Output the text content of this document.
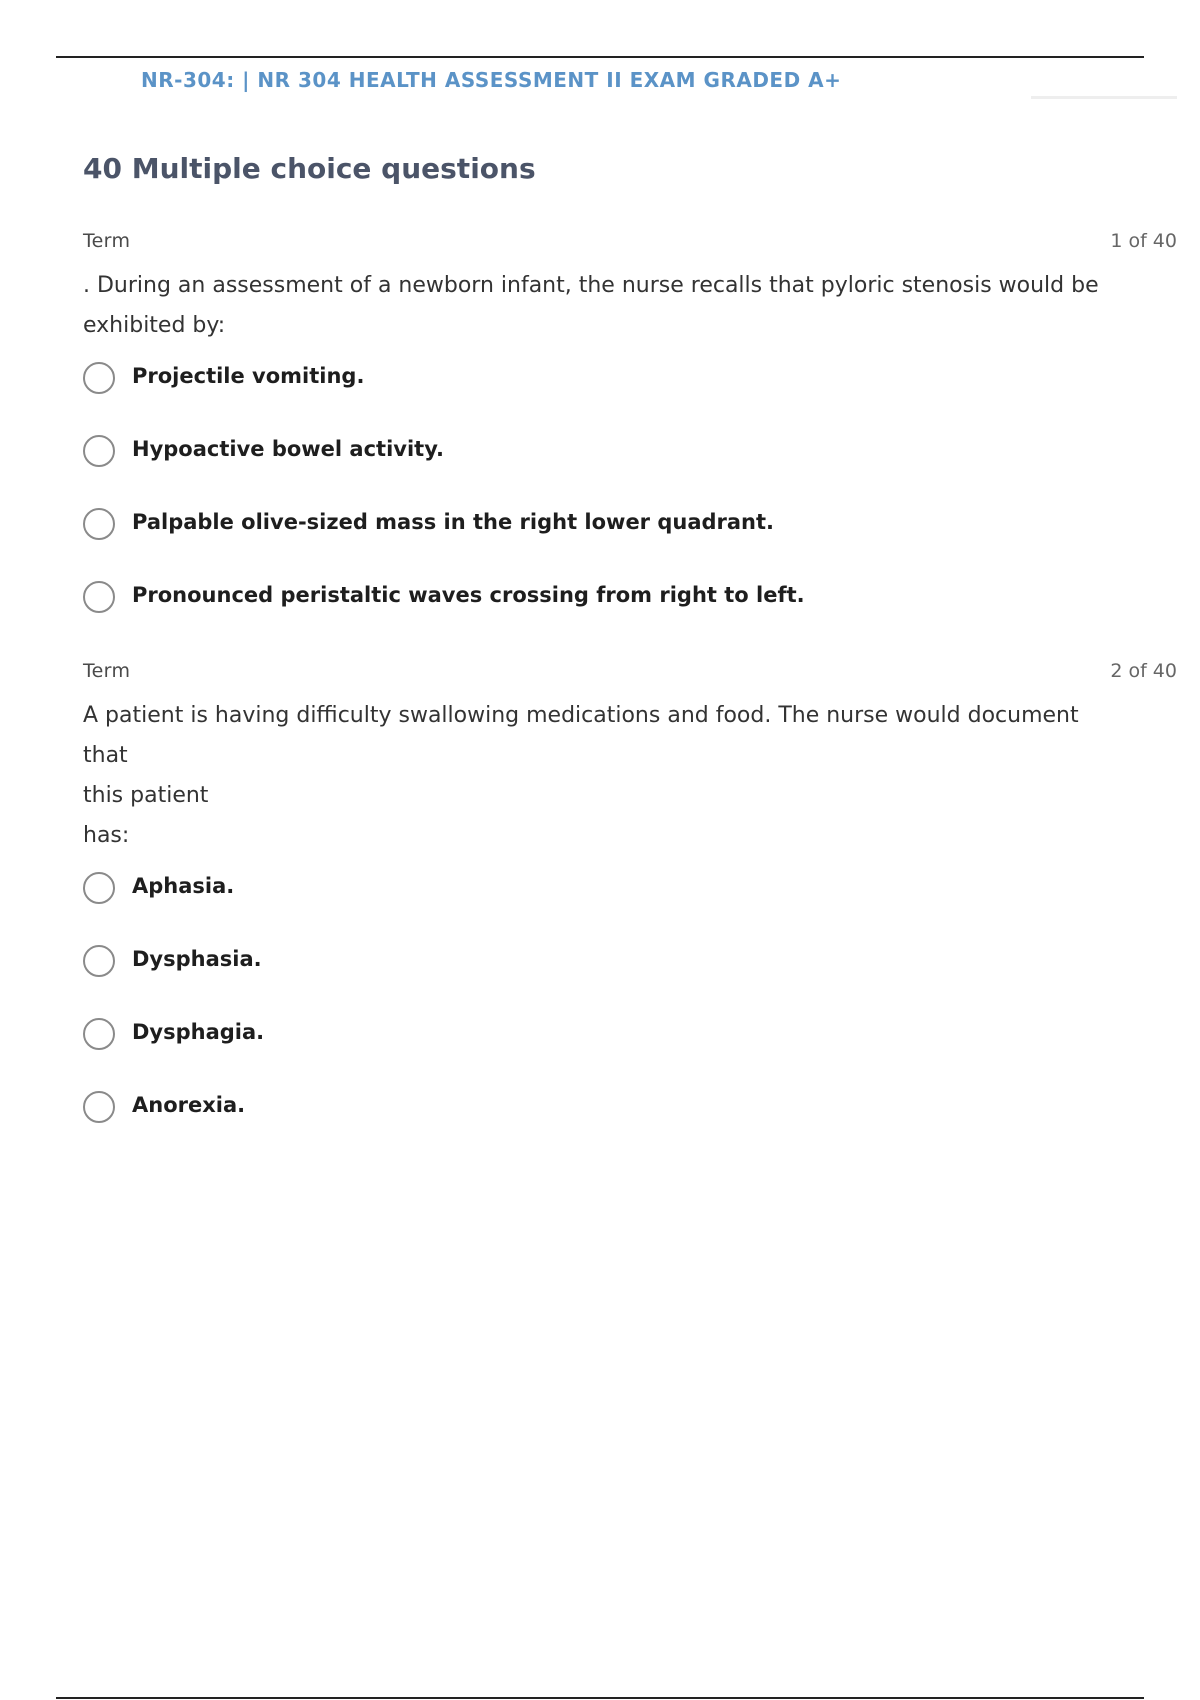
NR-304: | NR 304 HEALTH ASSESSMENT II EXAM GRADED A+
40 Multiple choice questions
Term	1 of 40
. During an assessment of a newborn infant, the nurse recalls that pyloric stenosis would be
exhibited by:
Projectile vomiting.
Hypoactive bowel activity.
Palpable olive-sized mass in the right lower quadrant.
Pronounced peristaltic waves crossing from right to left.
Term	2 of 40
A patient is having difficulty swallowing medications and food. The nurse would document that
this patient
has:
Aphasia.
Dysphasia.
Dysphagia.
Anorexia.
